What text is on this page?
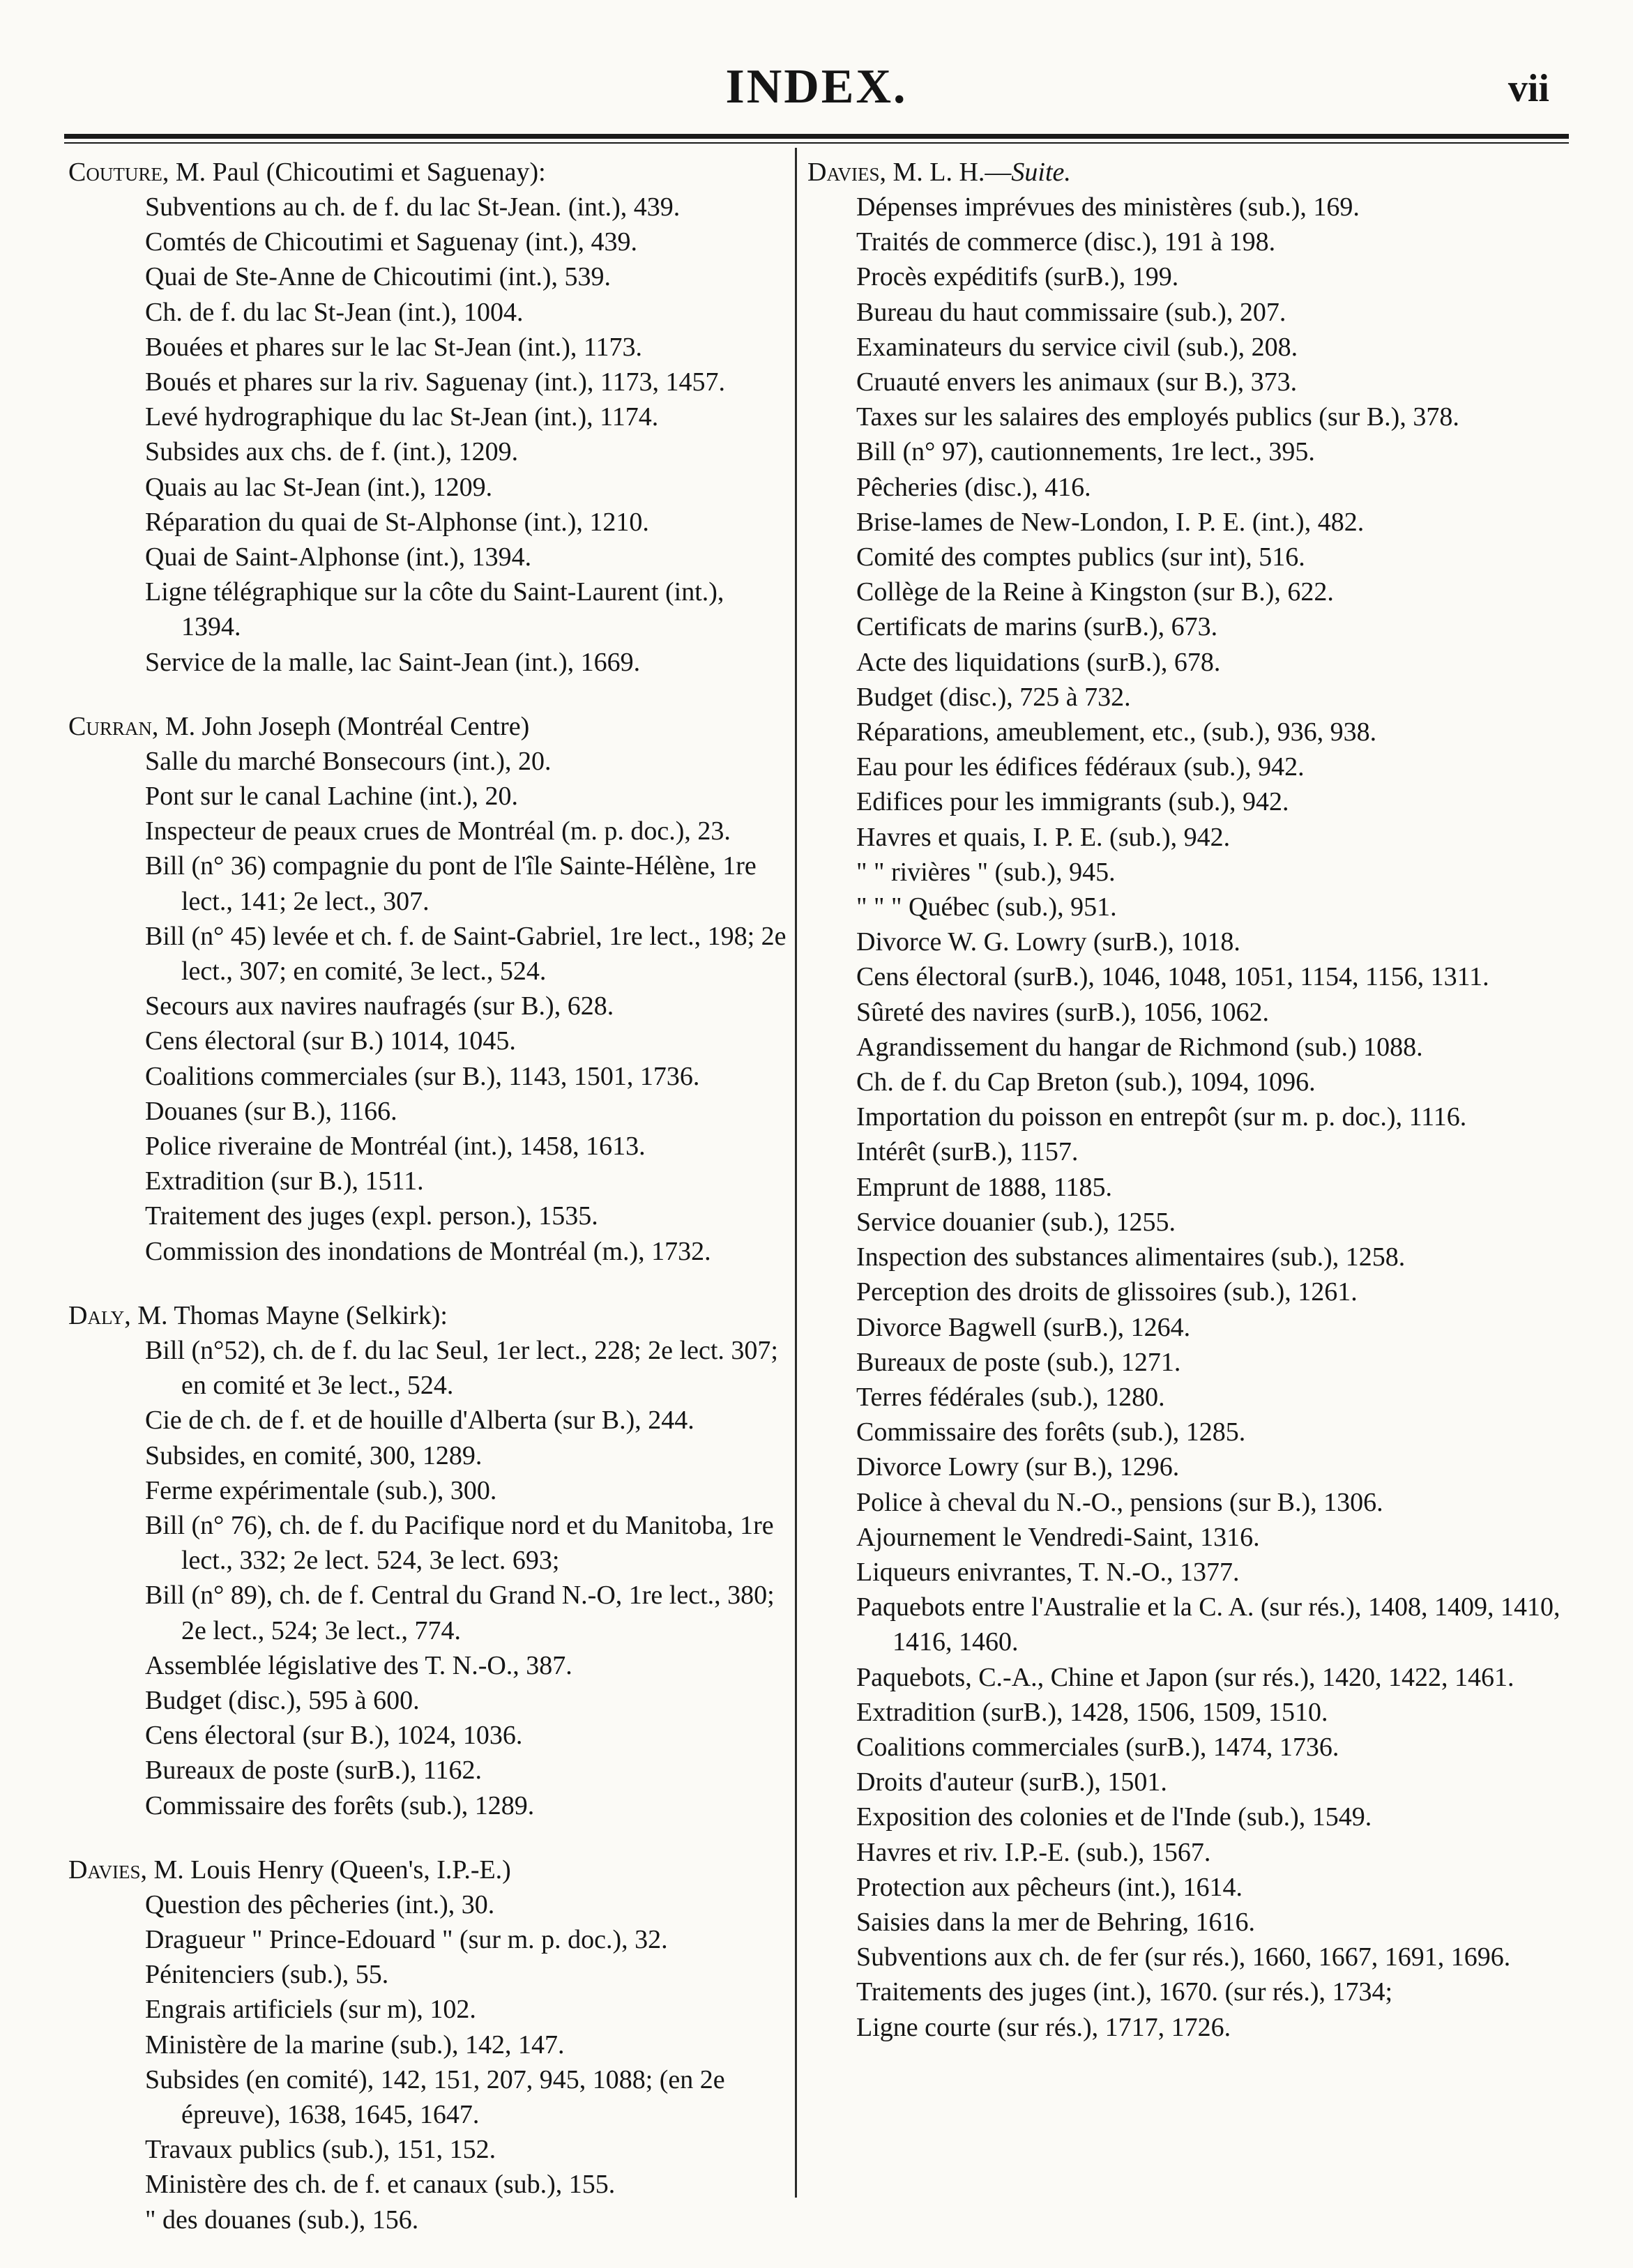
INDEX.	vii
Couture, M. Paul (Chicoutimi et Saguenay):
Subventions au ch. de f. du lac St-Jean. (int.), 439.
Comtés de Chicoutimi et Saguenay (int.), 439.
Quai de Ste-Anne de Chicoutimi (int.), 539.
Ch. de f. du lac St-Jean (int.), 1004.
Bouées et phares sur le lac St-Jean (int.), 1173.
Boués et phares sur la riv. Saguenay (int.), 1173, 1457.
Levé hydrographique du lac St-Jean (int.), 1174.
Subsides aux chs. de f. (int.), 1209.
Quais au lac St-Jean (int.), 1209.
Réparation du quai de St-Alphonse (int.), 1210.
Quai de Saint-Alphonse (int.), 1394.
Ligne télégraphique sur la côte du Saint-Laurent (int.), 1394.
Service de la malle, lac Saint-Jean (int.), 1669.
Curran, M. John Joseph (Montréal Centre)
Salle du marché Bonsecours (int.), 20.
Pont sur le canal Lachine (int.), 20.
Inspecteur de peaux crues de Montréal (m. p. doc.), 23.
Bill (n° 36) compagnie du pont de l'île Sainte-Hélène, 1re lect., 141; 2e lect., 307.
Bill (n° 45) levée et ch. f. de Saint-Gabriel, 1re lect., 198; 2e lect., 307; en comité, 3e lect., 524.
Secours aux navires naufragés (sur B.), 628.
Cens électoral (sur B.) 1014, 1045.
Coalitions commerciales (sur B.), 1143, 1501, 1736.
Douanes (sur B.), 1166.
Police riveraine de Montréal (int.), 1458, 1613.
Extradition (sur B.), 1511.
Traitement des juges (expl. person.), 1535.
Commission des inondations de Montréal (m.), 1732.
Daly, M. Thomas Mayne (Selkirk):
Bill (n°52), ch. de f. du lac Seul, 1er lect., 228; 2e lect. 307; en comité et 3e lect., 524.
Cie de ch. de f. et de houille d'Alberta (sur B.), 244.
Subsides, en comité, 300, 1289.
Ferme expérimentale (sub.), 300.
Bill (n° 76), ch. de f. du Pacifique nord et du Manitoba, 1re lect., 332; 2e lect. 524, 3e lect. 693;
Bill (n° 89), ch. de f. Central du Grand N.-O, 1re lect., 380; 2e lect., 524; 3e lect., 774.
Assemblée législative des T. N.-O., 387.
Budget (disc.), 595 à 600.
Cens électoral (sur B.), 1024, 1036.
Bureaux de poste (surB.), 1162.
Commissaire des forêts (sub.), 1289.
Davies, M. Louis Henry (Queen's, I.P.-E.)
Question des pêcheries (int.), 30.
Dragueur " Prince-Edouard " (sur m. p. doc.), 32.
Pénitenciers (sub.), 55.
Engrais artificiels (sur m), 102.
Ministère de la marine (sub.), 142, 147.
Subsides (en comité), 142, 151, 207, 945, 1088; (en 2e épreuve), 1638, 1645, 1647.
Travaux publics (sub.), 151, 152.
Ministère des ch. de f. et canaux (sub.), 155.
" des douanes (sub.), 156.
Davies, M. L. H.—Suite.
Dépenses imprévues des ministères (sub.), 169.
Traités de commerce (disc.), 191 à 198.
Procès expéditifs (surB.), 199.
Bureau du haut commissaire (sub.), 207.
Examinateurs du service civil (sub.), 208.
Cruauté envers les animaux (sur B.), 373.
Taxes sur les salaires des employés publics (sur B.), 378.
Bill (n° 97), cautionnements, 1re lect., 395.
Pêcheries (disc.), 416.
Brise-lames de New-London, I. P. E. (int.), 482.
Comité des comptes publics (sur int), 516.
Collège de la Reine à Kingston (sur B.), 622.
Certificats de marins (surB.), 673.
Acte des liquidations (surB.), 678.
Budget (disc.), 725 à 732.
Réparations, ameublement, etc., (sub.), 936, 938.
Eau pour les édifices fédéraux (sub.), 942.
Edifices pour les immigrants (sub.), 942.
Havres et quais, I. P. E. (sub.), 942.
" " rivières " (sub.), 945.
" " " Québec (sub.), 951.
Divorce W. G. Lowry (surB.), 1018.
Cens électoral (surB.), 1046, 1048, 1051, 1154, 1156, 1311.
Sûreté des navires (surB.), 1056, 1062.
Agrandissement du hangar de Richmond (sub.) 1088.
Ch. de f. du Cap Breton (sub.), 1094, 1096.
Importation du poisson en entrepôt (sur m. p. doc.), 1116.
Intérêt (surB.), 1157.
Emprunt de 1888, 1185.
Service douanier (sub.), 1255.
Inspection des substances alimentaires (sub.), 1258.
Perception des droits de glissoires (sub.), 1261.
Divorce Bagwell (surB.), 1264.
Bureaux de poste (sub.), 1271.
Terres fédérales (sub.), 1280.
Commissaire des forêts (sub.), 1285.
Divorce Lowry (sur B.), 1296.
Police à cheval du N.-O., pensions (sur B.), 1306.
Ajournement le Vendredi-Saint, 1316.
Liqueurs enivrantes, T. N.-O., 1377.
Paquebots entre l'Australie et la C. A. (sur rés.), 1408, 1409, 1410, 1416, 1460.
Paquebots, C.-A., Chine et Japon (sur rés.), 1420, 1422, 1461.
Extradition (surB.), 1428, 1506, 1509, 1510.
Coalitions commerciales (surB.), 1474, 1736.
Droits d'auteur (surB.), 1501.
Exposition des colonies et de l'Inde (sub.), 1549.
Havres et riv. I.P.-E. (sub.), 1567.
Protection aux pêcheurs (int.), 1614.
Saisies dans la mer de Behring, 1616.
Subventions aux ch. de fer (sur rés.), 1660, 1667, 1691, 1696.
Traitements des juges (int.), 1670. (sur rés.), 1734;
Ligne courte (sur rés.), 1717, 1726.
